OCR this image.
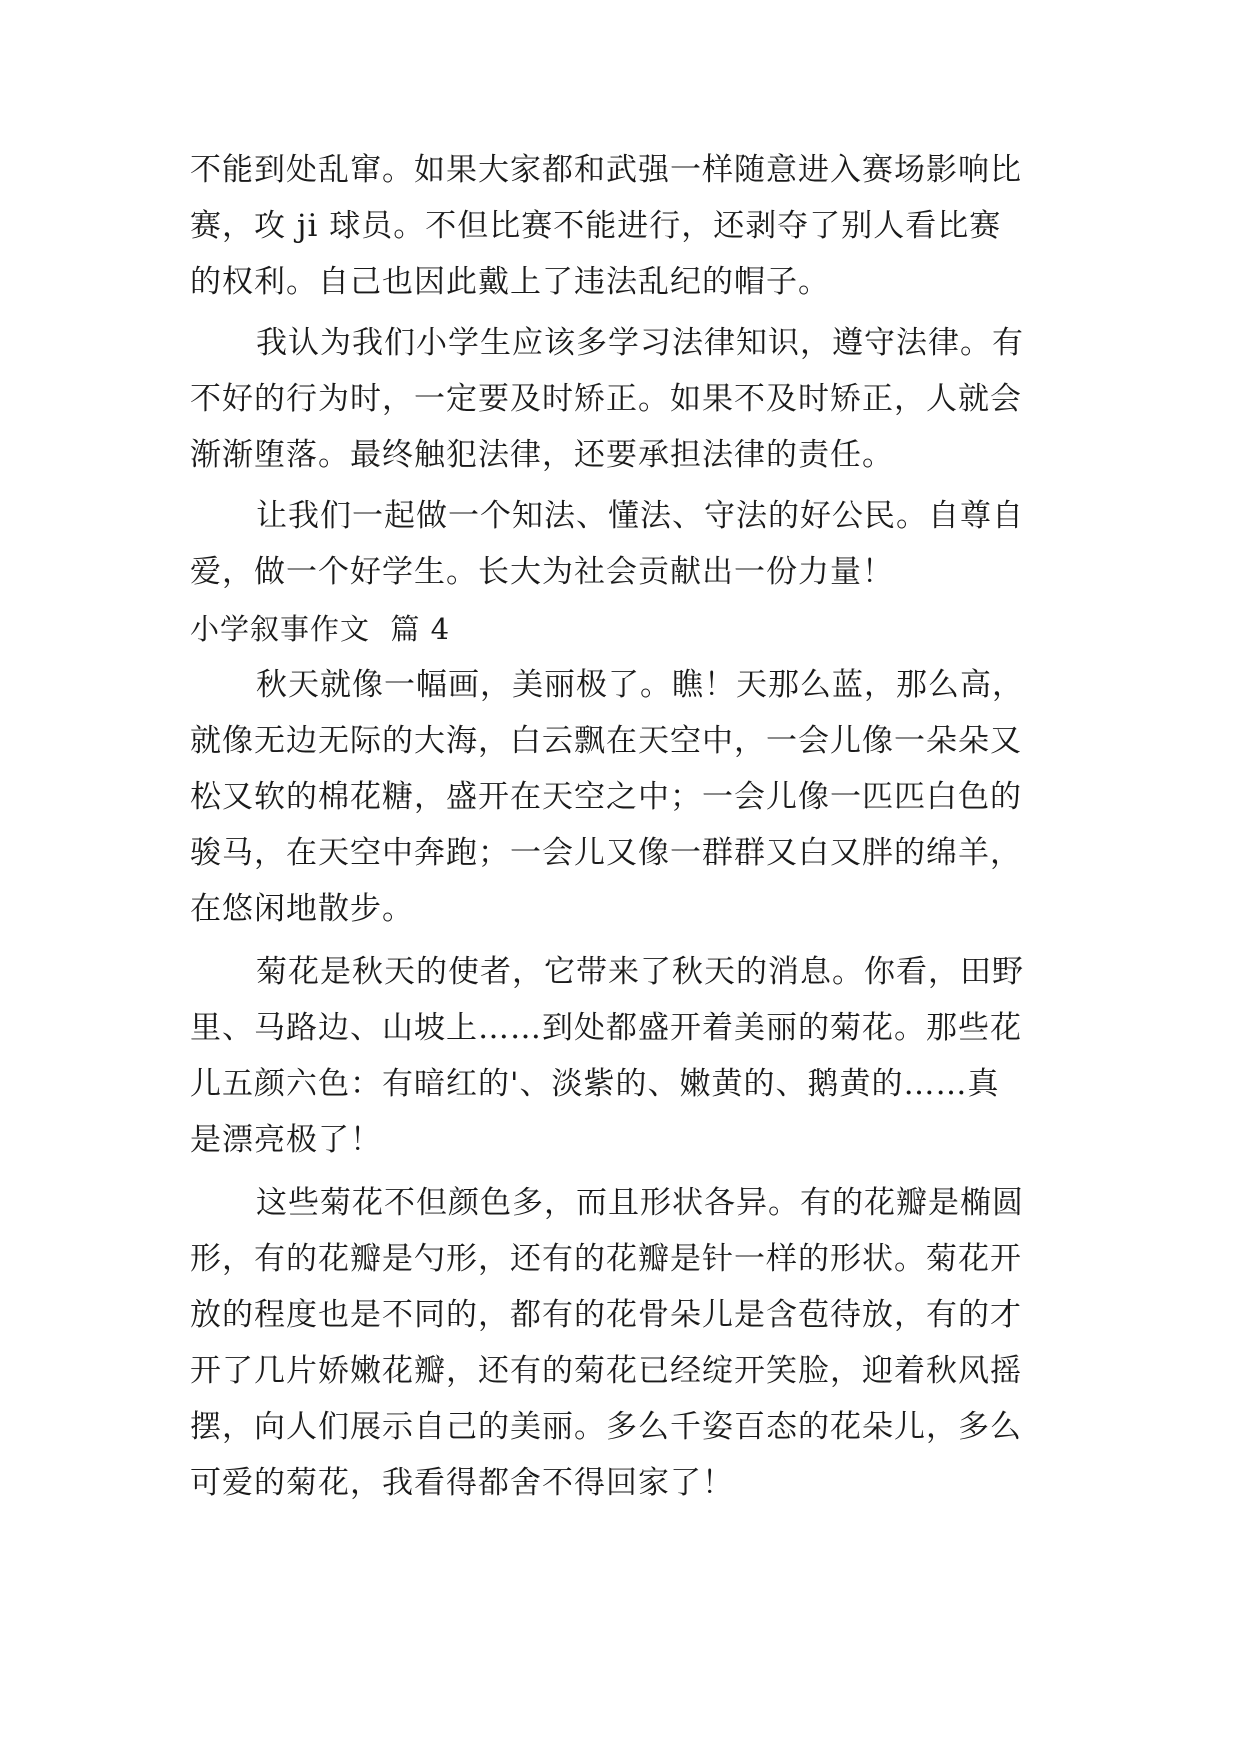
不能到处乱窜。如果大家都和武强一样随意进入赛场影响比
赛，攻 ji 球员。不但比赛不能进行，还剥夺了别人看比赛
的权利。自己也因此戴上了违法乱纪的帽子。
我认为我们小学生应该多学习法律知识，遵守法律。有
不好的行为时，一定要及时矫正。如果不及时矫正，人就会
渐渐堕落。最终触犯法律，还要承担法律的责任。
让我们一起做一个知法、懂法、守法的好公民。自尊自
爱，做一个好学生。长大为社会贡献出一份力量！
小学叙事作文  篇 4
秋天就像一幅画，美丽极了。瞧！天那么蓝，那么高，
就像无边无际的大海，白云飘在天空中，一会儿像一朵朵又
松又软的棉花糖，盛开在天空之中；一会儿像一匹匹白色的
骏马，在天空中奔跑；一会儿又像一群群又白又胖的绵羊，
在悠闲地散步。
菊花是秋天的使者，它带来了秋天的消息。你看，田野
里、马路边、山坡上……到处都盛开着美丽的菊花。那些花
儿五颜六色：有暗红的'、淡紫的、嫩黄的、鹅黄的……真
是漂亮极了！
这些菊花不但颜色多，而且形状各异。有的花瓣是椭圆
形，有的花瓣是勺形，还有的花瓣是针一样的形状。菊花开
放的程度也是不同的，都有的花骨朵儿是含苞待放，有的才
开了几片娇嫩花瓣，还有的菊花已经绽开笑脸，迎着秋风摇
摆，向人们展示自己的美丽。多么千姿百态的花朵儿，多么
可爱的菊花，我看得都舍不得回家了！
